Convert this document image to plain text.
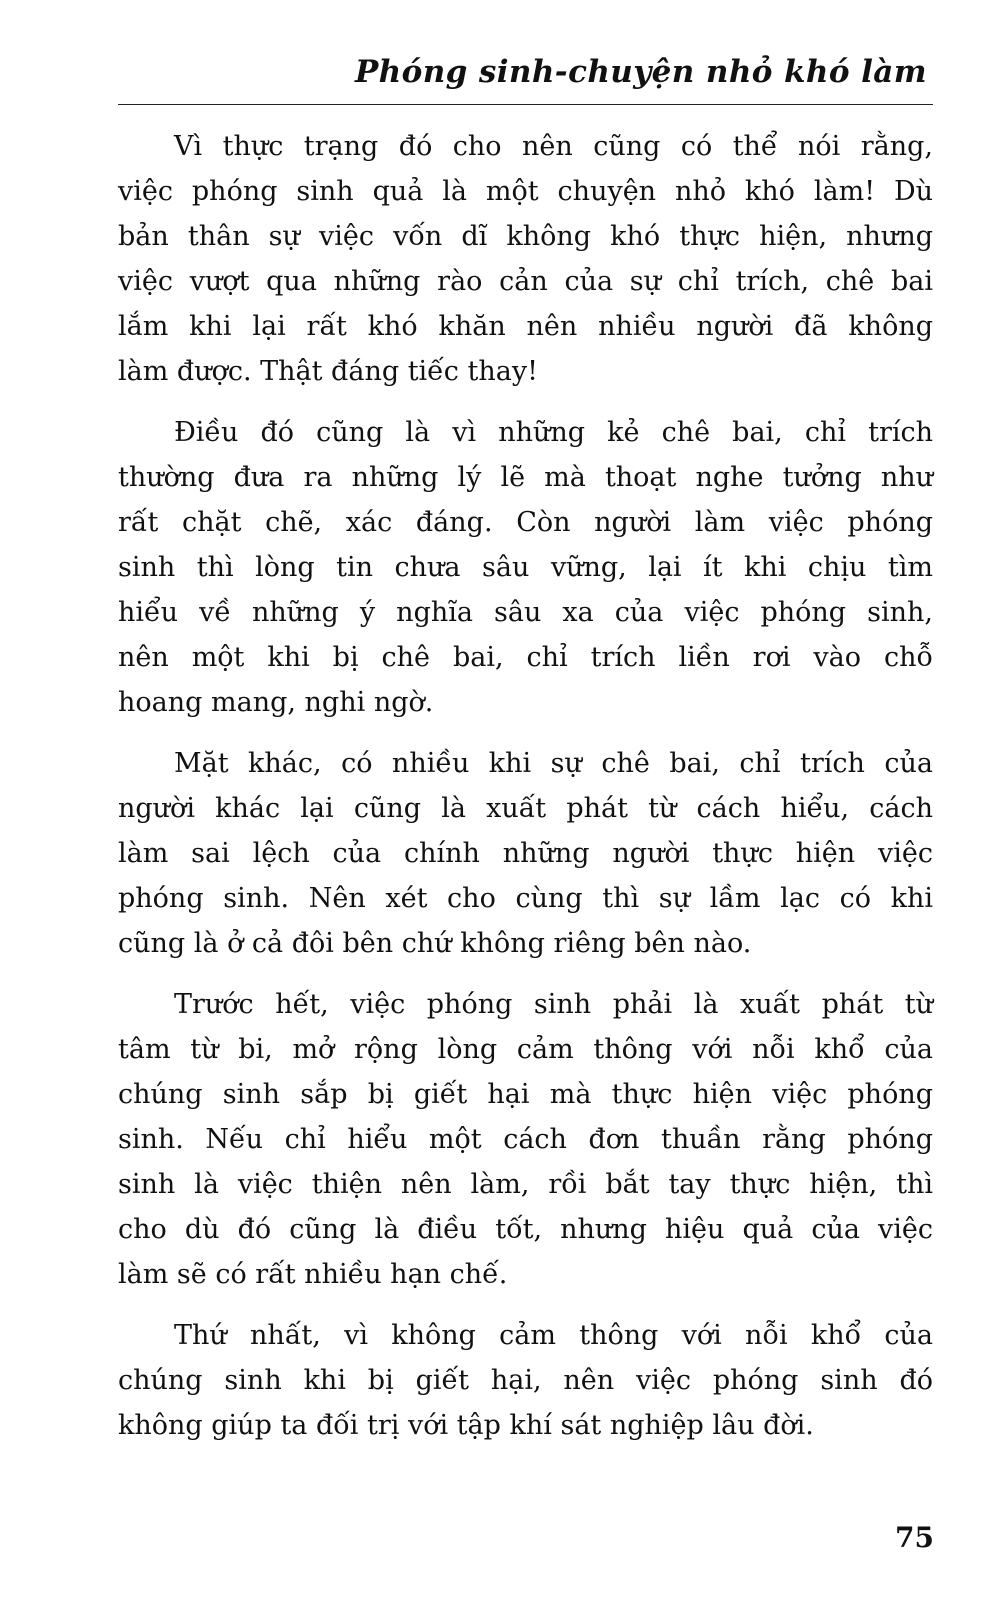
Phóng sinh-chuyện nhỏ khó làm

Vì thực trạng đó cho nên cũng có thể nói rằng,
việc phóng sinh quả là một chuyện nhỏ khó làm! Dù
bản thân sự việc vốn dĩ không khó thực hiện, nhưng
việc vượt qua những rào cản của sự chỉ trích, chê bai
lắm khi lại rất khó khăn nên nhiều người đã không
làm được. Thật đáng tiếc thay!

Điều đó cũng là vì những kẻ chê bai, chỉ trích
thường đưa ra những lý lẽ mà thoạt nghe tưởng như
rất chặt chẽ, xác đáng. Còn người làm việc phóng
sinh thì lòng tin chưa sâu vững, lại ít khi chịu tìm
hiểu về những ý nghĩa sâu xa của việc phóng sinh,
nên một khi bị chê bai, chỉ trích liền rơi vào chỗ
hoang mang, nghi ngờ.

Mặt khác, có nhiều khi sự chê bai, chỉ trích của
người khác lại cũng là xuất phát từ cách hiểu, cách
làm sai lệch của chính những người thực hiện việc
phóng sinh. Nên xét cho cùng thì sự lầm lạc có khi
cũng là ở cả đôi bên chứ không riêng bên nào.

Trước hết, việc phóng sinh phải là xuất phát từ
tâm từ bi, mở rộng lòng cảm thông với nỗi khổ của
chúng sinh sắp bị giết hại mà thực hiện việc phóng
sinh. Nếu chỉ hiểu một cách đơn thuần rằng phóng
sinh là việc thiện nên làm, rồi bắt tay thực hiện, thì
cho dù đó cũng là điều tốt, nhưng hiệu quả của việc
làm sẽ có rất nhiều hạn chế.

Thứ nhất, vì không cảm thông với nỗi khổ của
chúng sinh khi bị giết hại, nên việc phóng sinh đó
không giúp ta đối trị với tập khí sát nghiệp lâu đời.

75
